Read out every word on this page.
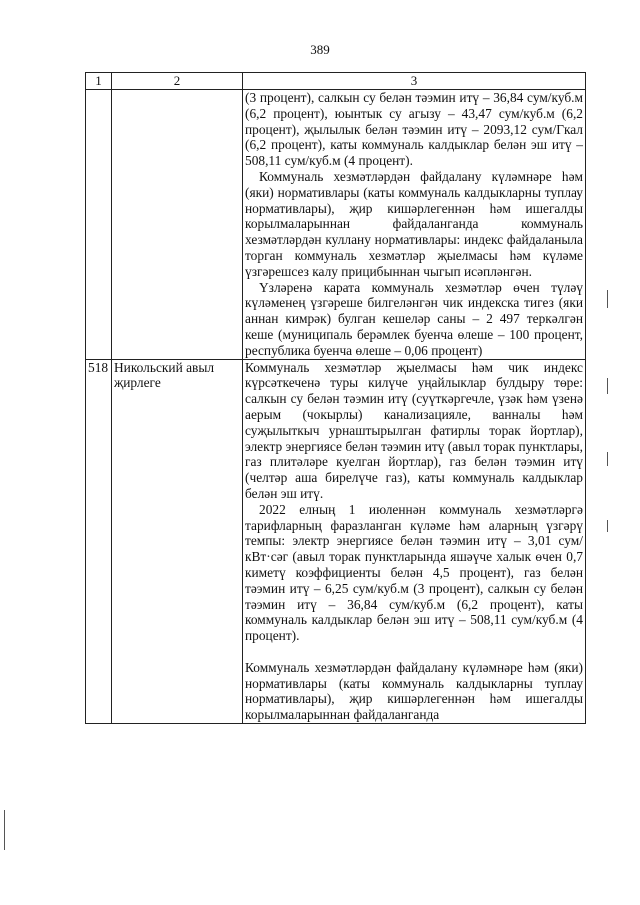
389
1	2	3

		(3 процент), салкын су белән тәэмин итү – 36,84 сум/куб.м (6,2 процент), юынтык су агызу – 43,47 сум/куб.м (6,2 процент), җылылык белән тәэмин итү – 2093,12 сум/Гкал (6,2 процент), каты коммуналь калдыклар белән эш итү – 508,11 сум/куб.м (4 процент).

Коммуналь хезмәтләрдән файдалану күләмнәре һәм (яки) нормативлары (каты коммуналь калдыкларны туплау нормативлары), җир кишәрлегеннән һәм ишегалды корылмаларыннан файдаланганда коммуналь хезмәтләрдән куллану нормативлары: индекс файдаланыла торган коммуналь хезмәтләр җыелмасы һәм күләме үзгәрешсез калу прицибыннан чыгып исәпләнгән.

Үзләренә карата коммуналь хезмәтләр өчен түләү күләменең үзгәреше билгеләнгән чик индекска тигез (яки аннан кимрәк) булган кешеләр саны – 2 497 теркәлгән кеше (муниципаль берәмлек буенча өлеше – 100 процент, республика буенча өлеше – 0,06 процент)

518	Никольский авыл җирлеге	Коммуналь хезмәтләр җыелмасы һәм чик индекс күрсәткеченә туры килүче уңайлыклар булдыру төре: салкын су белән тәэмин итү (суүткәргечле, үзәк һәм үзенә аерым (чокырлы) канализацияле, ванналы һәм суҗылыткыч урнаштырылган фатирлы торак йортлар), электр энергиясе белән тәэмин итү (авыл торак пунктлары, газ плитәләре куелган йортлар), газ белән тәэмин итү (челтәр аша бирелүче газ), каты коммуналь калдыклар белән эш итү.

2022 елның 1 июленнән коммуналь хезмәтләргә тарифларның фаразланган күләме һәм аларның үзгәрү темпы: электр энергиясе белән тәэмин итү – 3,01 сум/кВт·сәг (авыл торак пунктларында яшәүче халык өчен 0,7 киметү коэффициенты белән 4,5 процент), газ белән тәэмин итү – 6,25 сум/куб.м (3 процент), салкын су белән тәэмин итү – 36,84 сум/куб.м (6,2 процент), каты коммуналь калдыклар белән эш итү – 508,11 сум/куб.м (4 процент).

Коммуналь хезмәтләрдән файдалану күләмнәре һәм (яки) нормативлары (каты коммуналь калдыкларны туплау нормативлары), җир кишәрлегеннән һәм ишегалды корылмаларыннан файдаланганда
